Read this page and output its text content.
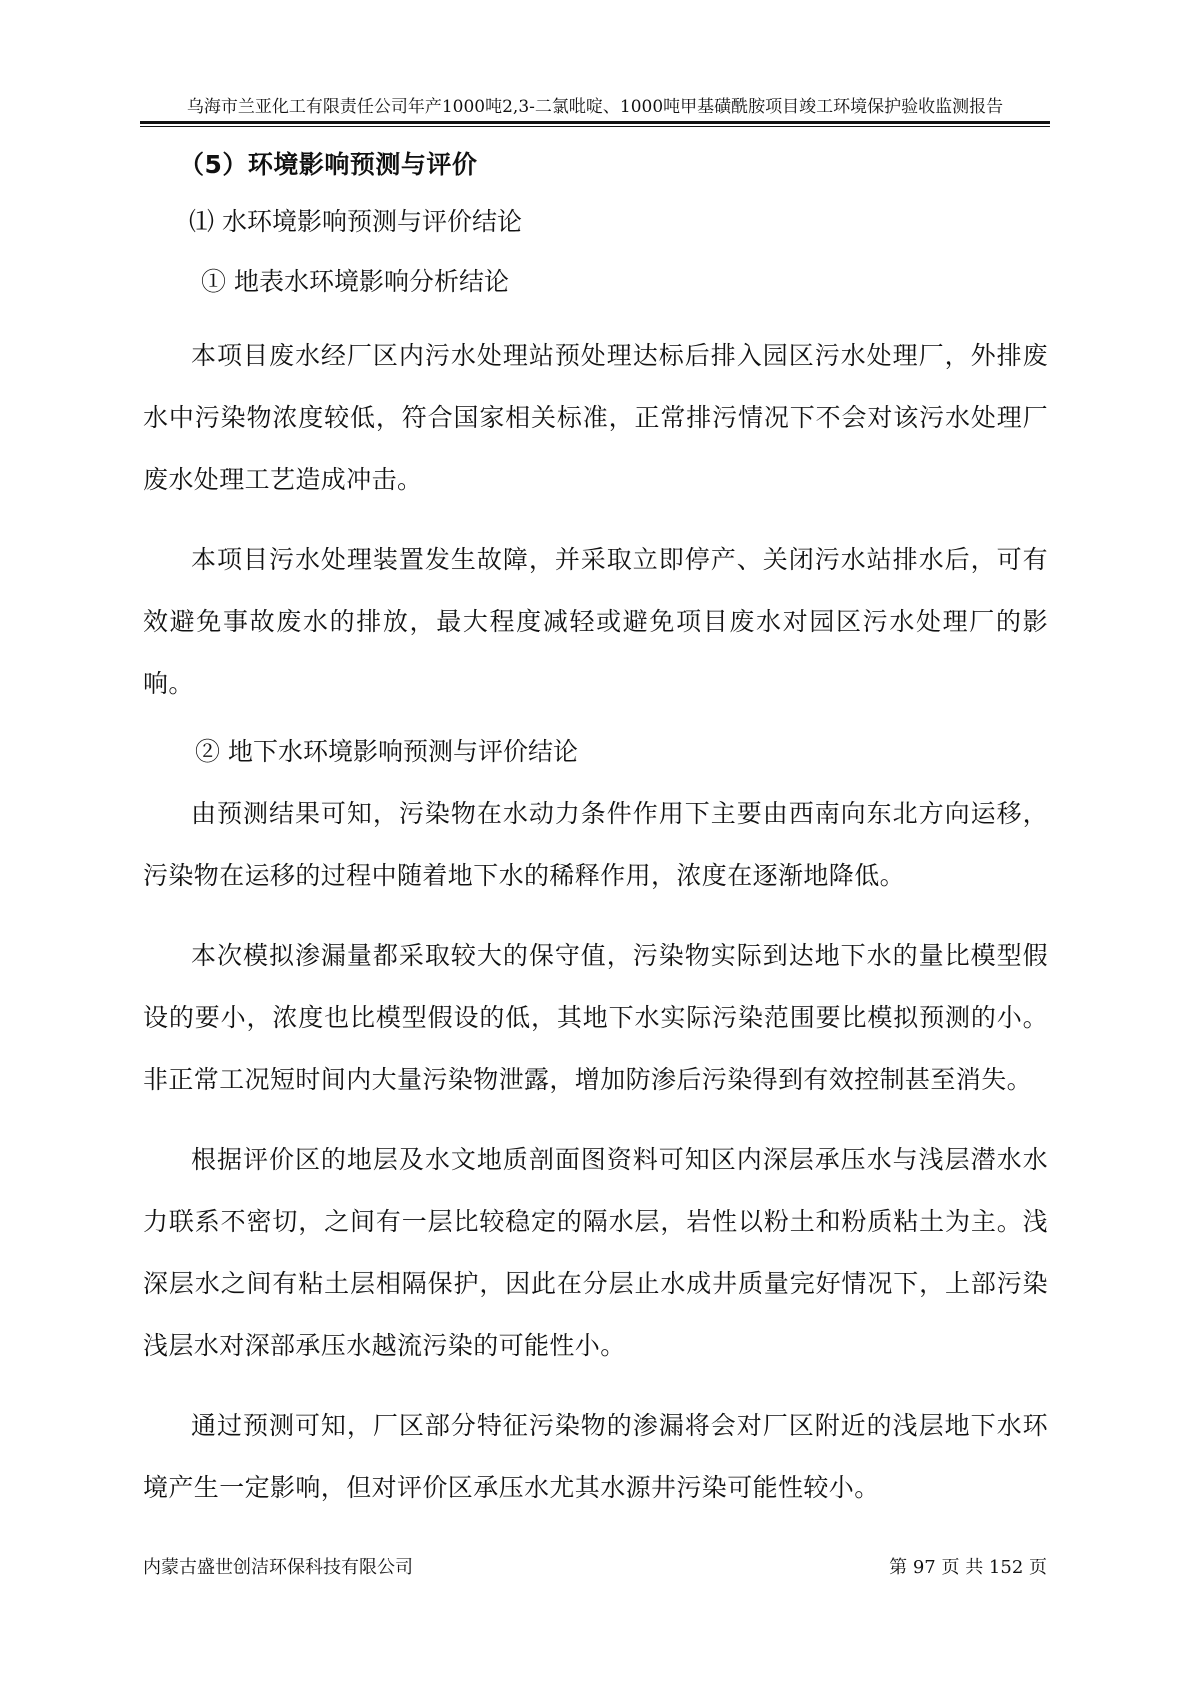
乌海市兰亚化工有限责任公司年产1000吨2,3-二氯吡啶、1000吨甲基磺酰胺项目竣工环境保护验收监测报告
（5）环境影响预测与评价
⑴ 水环境影响预测与评价结论
① 地表水环境影响分析结论

本项目废水经厂区内污水处理站预处理达标后排入园区污水处理厂，外排废水中污染物浓度较低，符合国家相关标准，正常排污情况下不会对该污水处理厂废水处理工艺造成冲击。

本项目污水处理装置发生故障，并采取立即停产、关闭污水站排水后，可有效避免事故废水的排放，最大程度减轻或避免项目废水对园区污水处理厂的影响。

② 地下水环境影响预测与评价结论

由预测结果可知，污染物在水动力条件作用下主要由西南向东北方向运移，污染物在运移的过程中随着地下水的稀释作用，浓度在逐渐地降低。

本次模拟渗漏量都采取较大的保守值，污染物实际到达地下水的量比模型假设的要小，浓度也比模型假设的低，其地下水实际污染范围要比模拟预测的小。非正常工况短时间内大量污染物泄露，增加防渗后污染得到有效控制甚至消失。

根据评价区的地层及水文地质剖面图资料可知区内深层承压水与浅层潜水水力联系不密切，之间有一层比较稳定的隔水层，岩性以粉土和粉质粘土为主。浅深层水之间有粘土层相隔保护，因此在分层止水成井质量完好情况下，上部污染浅层水对深部承压水越流污染的可能性小。

通过预测可知，厂区部分特征污染物的渗漏将会对厂区附近的浅层地下水环境产生一定影响，但对评价区承压水尤其水源井污染可能性较小。

内蒙古盛世创洁环保科技有限公司	第 97 页 共 152 页
